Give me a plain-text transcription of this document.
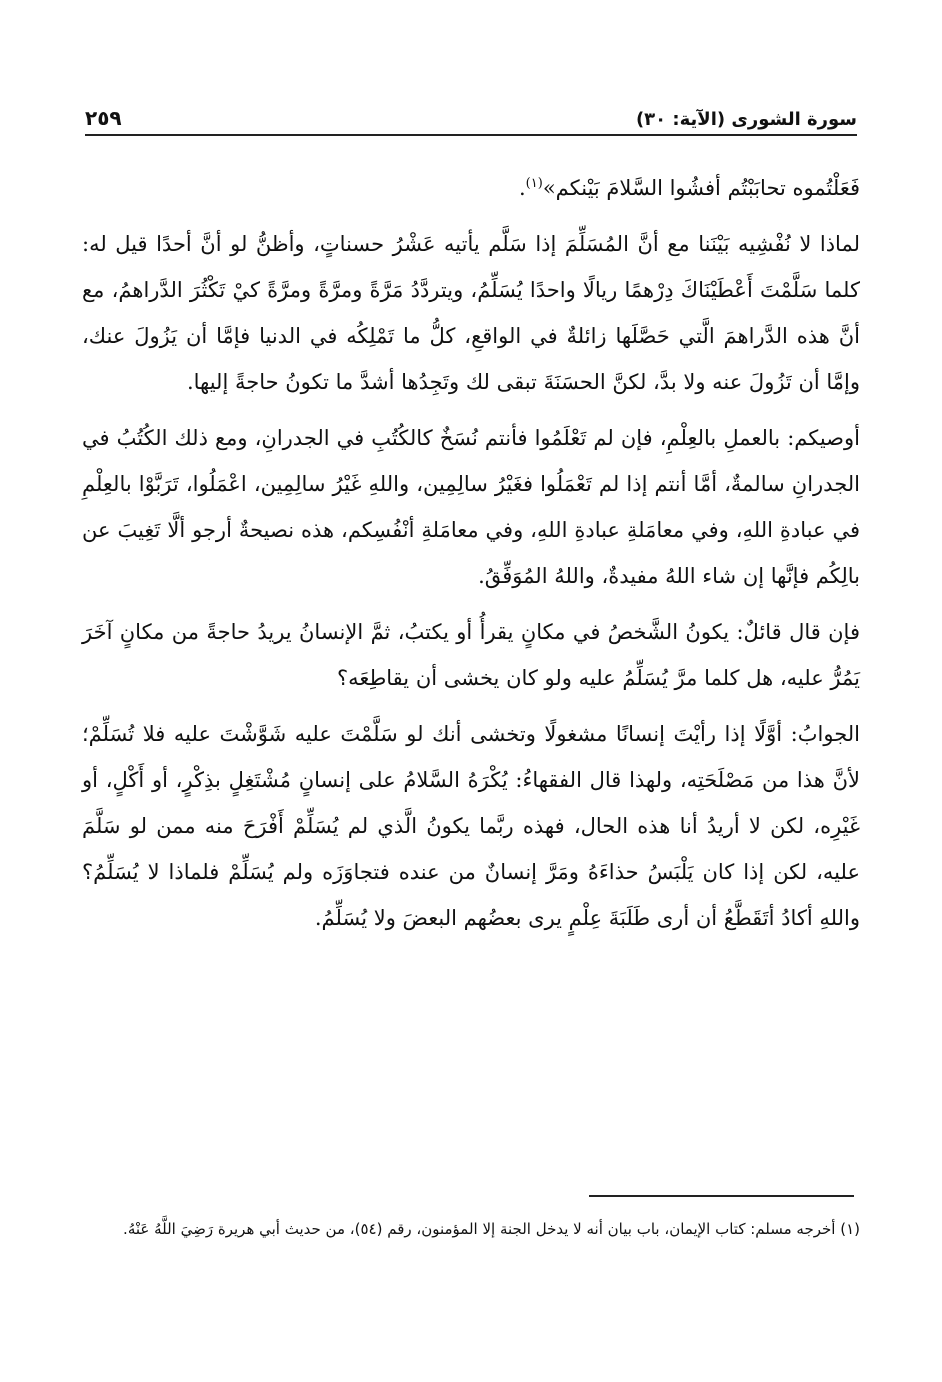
سورة الشورى (الآية: ٣٠)
٢٥٩

فَعَلْتُموه تحابَبْتُم أفشُوا السَّلامَ بَيْنكم»$^{(١)}$.

لماذا لا نُفْشِيه بَيْنَنا مع أنَّ المُسَلِّمَ إذا سَلَّم يأتيه عَشْرُ حسناتٍ، وأظنُّ لو أنَّ أحدًا قيل له: كلما سَلَّمْتَ أَعْطَيْنَاكَ دِرْهمًا ريالًا واحدًا يُسَلِّمُ، ويتردَّدُ مَرَّةً ومرَّةً ومرَّةً كيْ تَكْثُرَ الدَّراهمُ، مع أنَّ هذه الدَّراهمَ الَّتي حَصَّلَها زائلةٌ في الواقعِ، كلُّ ما تَمْلِكُه في الدنيا فإمَّا أن يَزُولَ عنك، وإمَّا أن تَزُولَ عنه ولا بدَّ، لكنَّ الحسَنَةَ تبقى لك وتَجِدُها أشدَّ ما تكونُ حاجةً إليها.

أوصيكم: بالعملِ بالعِلْمِ، فإن لم تَعْلَمُوا فأنتم نُسَخٌ كالكُتُبِ في الجدرانِ، ومع ذلك الكُتُبُ في الجدرانِ سالمةٌ، أمَّا أنتم إذا لم تَعْمَلُوا فغَيْرُ سالِمِين، واللهِ غَيْرُ سالِمِين، اعْمَلُوا، تَرَبَّوْا بالعِلْمِ في عبادةِ اللهِ، وفي معامَلةِ عبادةِ اللهِ، وفي معامَلةِ أنْفُسِكم، هذه نصيحةٌ أرجو ألَّا تَغِيبَ عن بالِكُم فإنَّها إن شاء اللهُ مفيدةٌ، واللهُ المُوَفِّقُ.

فإن قال قائلٌ: يكونُ الشَّخصُ في مكانٍ يقرأُ أو يكتبُ، ثمَّ الإنسانُ يريدُ حاجةً من مكانٍ آخَرَ يَمُرُّ عليه، هل كلما مرَّ يُسَلِّمُ عليه ولو كان يخشى أن يقاطِعَه؟

الجوابُ: أوَّلًا إذا رأيْتَ إنسانًا مشغولًا وتخشى أنك لو سَلَّمْتَ عليه شَوَّشْتَ عليه فلا تُسَلِّمْ؛ لأنَّ هذا من مَصْلَحَتِه، ولهذا قال الفقهاءُ: يُكْرَهُ السَّلامُ على إنسانٍ مُشْتَغِلٍ بذِكْرٍ، أو أَكْلٍ، أو غَيْرِه، لكن لا أريدُ أنا هذه الحال، فهذه ربَّما يكونُ الَّذي لم يُسَلِّمْ أَفْرَحَ منه ممن لو سَلَّمَ عليه، لكن إذا كان يَلْبَسُ حذاءَهُ ومَرَّ إنسانٌ من عنده فتجاوَزَه ولم يُسَلِّمْ فلماذا لا يُسَلِّمُ؟ واللهِ أكادُ أتَقَطَّعُ أن أرى طَلَبَةَ عِلْمٍ يرى بعضُهم البعضَ ولا يُسَلِّمُ.

(١) أخرجه مسلم: كتاب الإيمان، باب بيان أنه لا يدخل الجنة إلا المؤمنون، رقم (٥٤)، من حديث أبي هريرة رَضِيَ اللَّهُ عَنْهُ.
